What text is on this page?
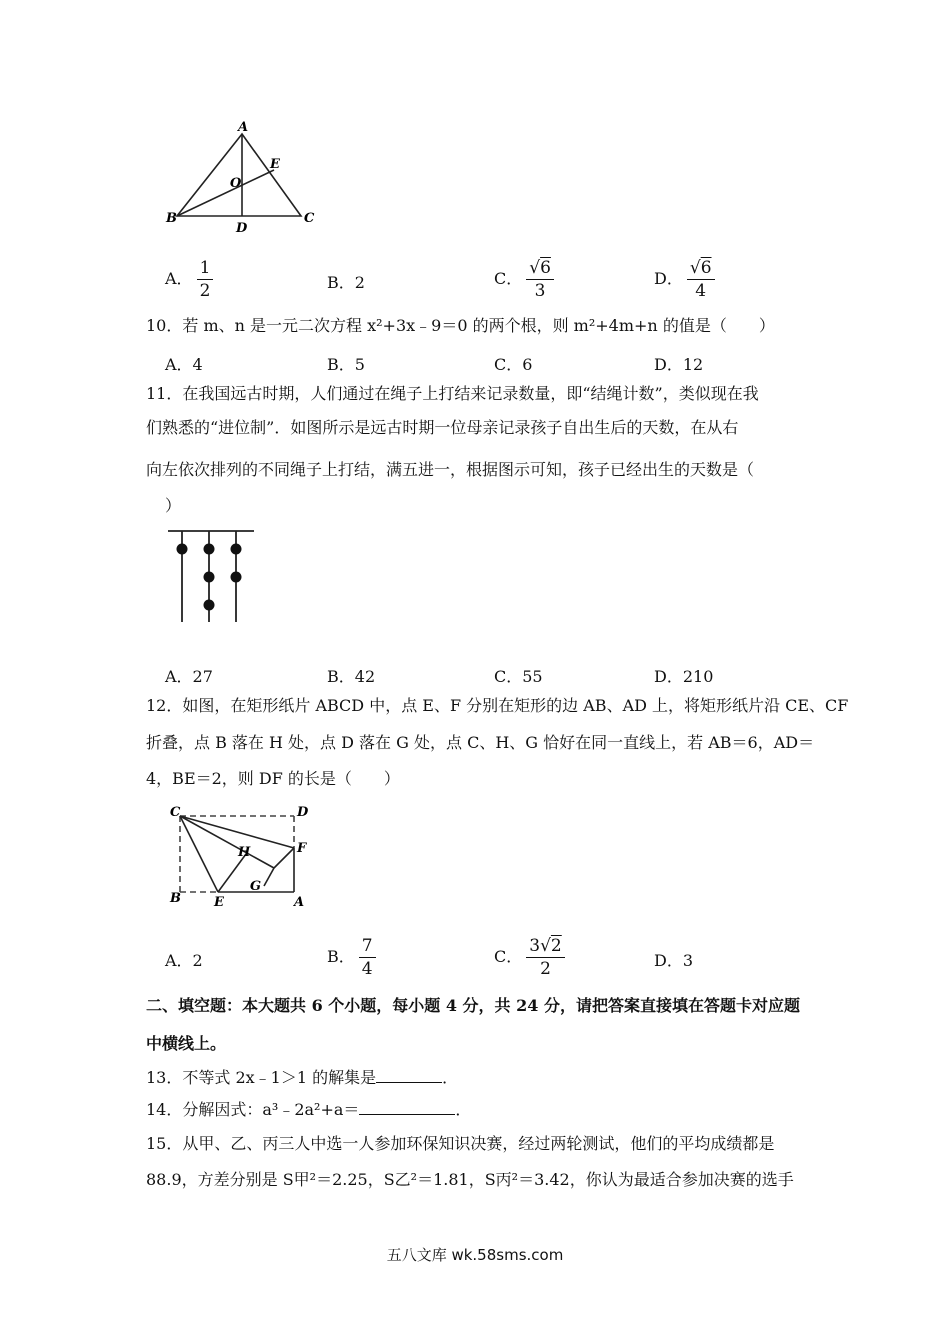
A
B	C
D
E
O
A． $\frac{1}{2}$	B．2	C． $\frac{√6}{3}$	D． $\frac{√6}{4}$
10．若 m、n 是一元二次方程 x²+3x﹣9＝0 的两个根，则 m²+4m+n 的值是（　　）
A．4	B．5	C．6	D．12
11．在我国远古时期，人们通过在绳子上打结来记录数量，即“结绳计数”，类似现在我
们熟悉的“进位制”．如图所示是远古时期一位母亲记录孩子自出生后的天数，在从右
向左依次排列的不同绳子上打结，满五进一，根据图示可知，孩子已经出生的天数是（
）
A．27	B．42	C．55	D．210
12．如图，在矩形纸片 ABCD 中，点 E、F 分别在矩形的边 AB、AD 上，将矩形纸片沿 CE、CF
折叠，点 B 落在 H 处，点 D 落在 G 处，点 C、H、G 恰好在同一直线上，若 AB＝6，AD＝
4，BE＝2，则 DF 的长是（　　）
C	D
F
H
G
B	E	A
A．2	B． $\frac{7}{4}$	C． $\frac{3√2}{2}$	D．3
二、填空题：本大题共 6 个小题，每小题 4 分，共 24 分，请把答案直接填在答题卡对应题
中横线上。
13．不等式 2x﹣1＞1 的解集是	．
14．分解因式：a³﹣2a²+a＝	．
15．从甲、乙、丙三人中选一人参加环保知识决赛，经过两轮测试，他们的平均成绩都是
88.9，方差分别是 S甲²＝2.25，S乙²＝1.81，S丙²＝3.42，你认为最适合参加决赛的选手
五八文库 wk.58sms.com
